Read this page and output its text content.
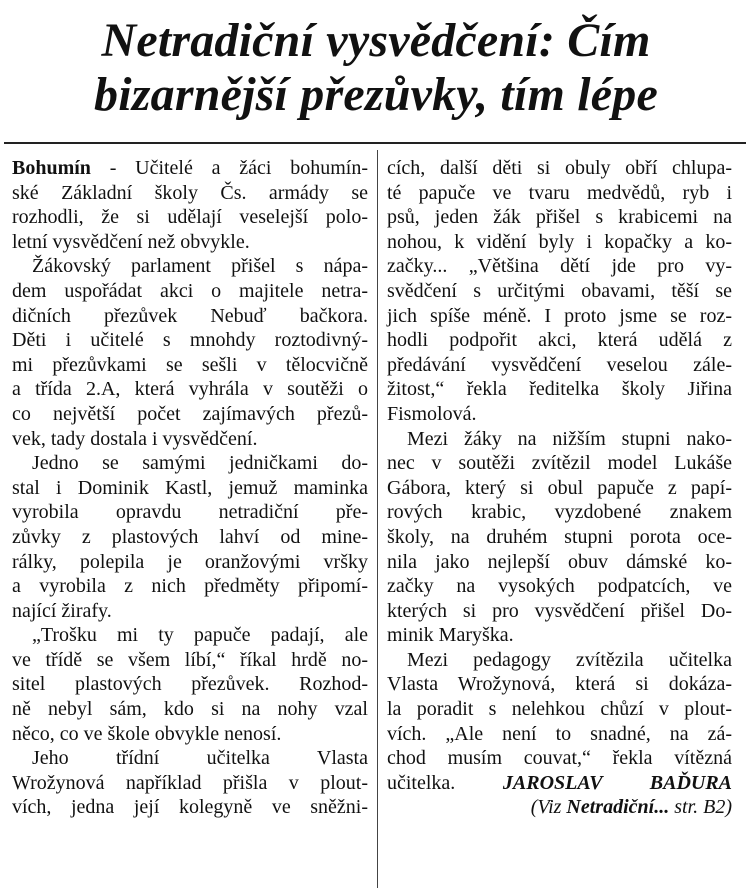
Netradiční vysvědčení: Čím
bizarnější přezůvky, tím lépe
Bohumín - Učitelé a žáci bohumín-
ské Základní školy Čs. armády se
rozhodli, že si udělají veselejší polo-
letní vysvědčení než obvykle.
Žákovský parlament přišel s nápa-
dem uspořádat akci o majitele netra-
dičních přezůvek Nebuď bačkora.
Děti i učitelé s mnohdy roztodivný-
mi přezůvkami se sešli v tělocvičně
a třída 2.A, která vyhrála v soutěži o
co největší počet zajímavých přezů-
vek, tady dostala i vysvědčení.
Jedno se samými jedničkami do-
stal i Dominik Kastl, jemuž maminka
vyrobila opravdu netradiční pře-
zůvky z plastových lahví od mine-
rálky, polepila je oranžovými vršky
a vyrobila z nich předměty připomí-
nající žirafy.
„Trošku mi ty papuče padají, ale
ve třídě se všem líbí,“ říkal hrdě no-
sitel plastových přezůvek. Rozhod-
ně nebyl sám, kdo si na nohy vzal
něco, co ve škole obvykle nenosí.
Jeho třídní učitelka Vlasta
Wrožynová například přišla v plout-
vích, jedna její kolegyně ve sněžni-
cích, další děti si obuly obří chlupa-
té papuče ve tvaru medvědů, ryb i
psů, jeden žák přišel s krabicemi na
nohou, k vidění byly i kopačky a ko-
začky... „Většina dětí jde pro vy-
svědčení s určitými obavami, těší se
jich spíše méně. I proto jsme se roz-
hodli podpořit akci, která udělá z
předávání vysvědčení veselou zále-
žitost,“ řekla ředitelka školy Jiřina
Fismolová.
Mezi žáky na nižším stupni nako-
nec v soutěži zvítězil model Lukáše
Gábora, který si obul papuče z papí-
rových krabic, vyzdobené znakem
školy, na druhém stupni porota oce-
nila jako nejlepší obuv dámské ko-
začky na vysokých podpatcích, ve
kterých si pro vysvědčení přišel Do-
minik Maryška.
Mezi pedagogy zvítězila učitelka
Vlasta Wrožynová, která si dokáza-
la poradit s nelehkou chůzí v plout-
vích. „Ale není to snadné, na zá-
chod musím couvat,“ řekla vítězná
učitelka. JAROSLAV BAĎURA
(Viz Netradiční... str. B2)
